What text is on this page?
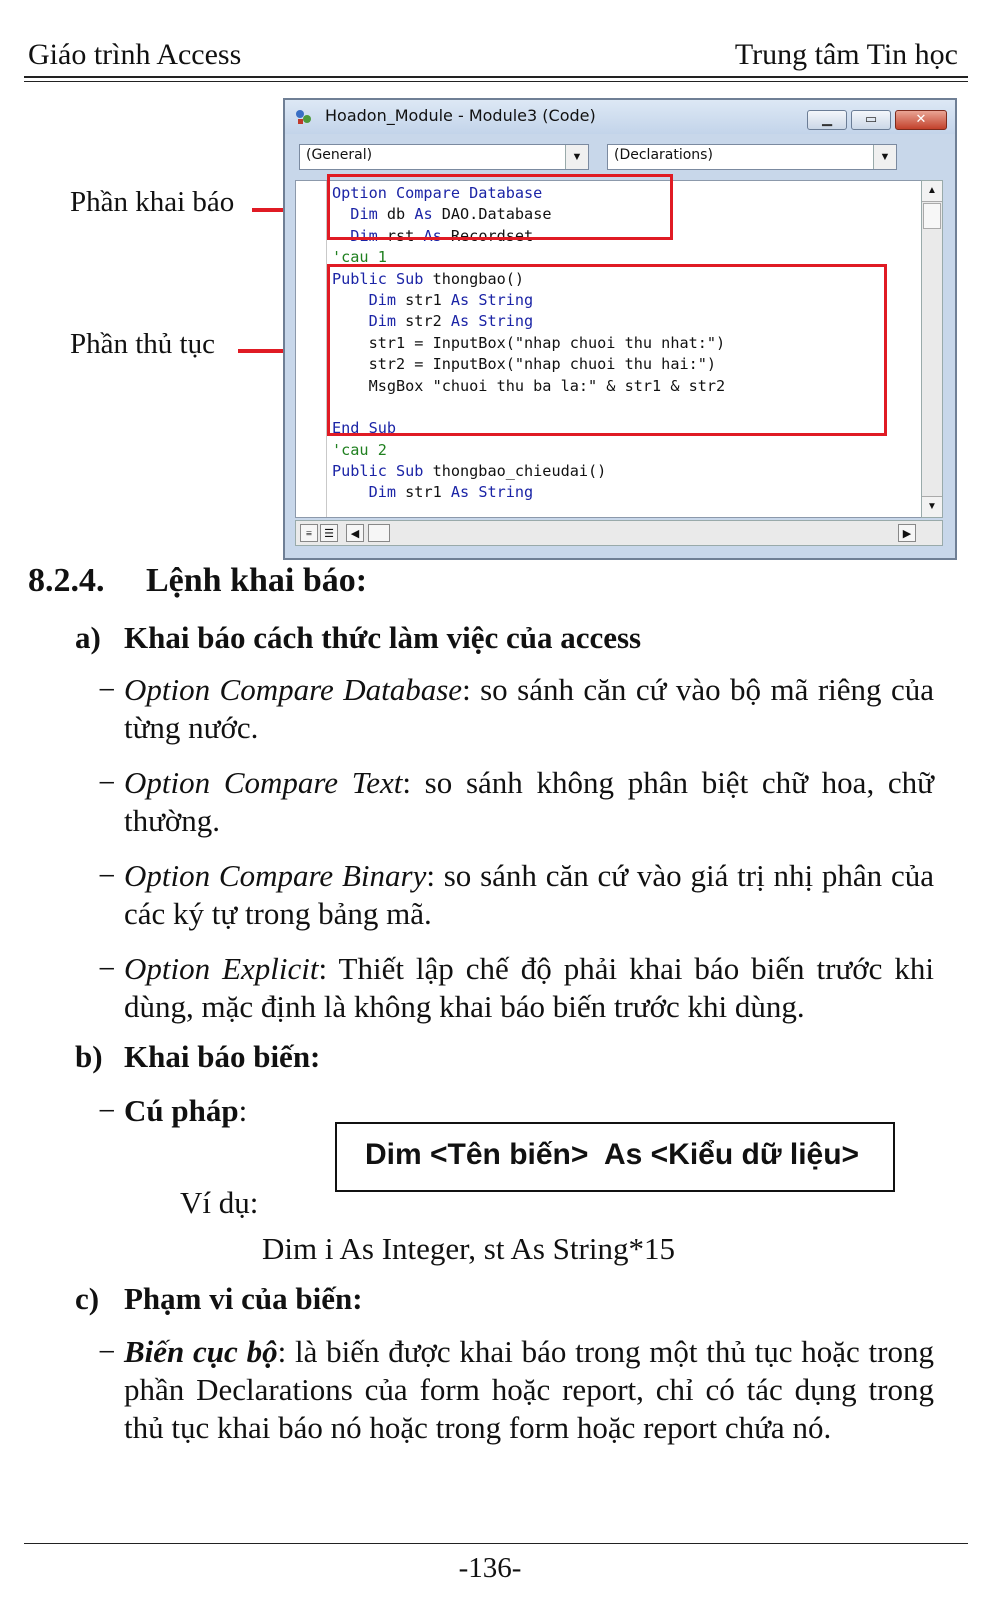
Giáo trình Access	Trung tâm Tin học
Phần khai báo
Phần thủ tục
Hoadon_Module - Module3 (Code)	▁	▭	✕
(General)	▼	(Declarations)	▼
Option Compare Database
Dim db As DAO.Database
Dim rst As Recordset
'cau 1
Public Sub thongbao()
Dim str1 As String
Dim str2 As String
str1 = InputBox("nhap chuoi thu nhat:")
str2 = InputBox("nhap chuoi thu hai:")
MsgBox "chuoi thu ba la:" & str1 & str2
End Sub
'cau 2
Public Sub thongbao_chieudai()
Dim str1 As String
▲
▼
≡	☰	◀	▶
8.2.4. Lệnh khai báo:
a) Khai báo cách thức làm việc của access
− Option Compare Database: so sánh căn cứ vào bộ mã riêng của từng nước.
− Option Compare Text: so sánh không phân biệt chữ hoa, chữ thường.
− Option Compare Binary: so sánh căn cứ vào giá trị nhị phân của các ký tự trong bảng mã.
− Option Explicit: Thiết lập chế độ phải khai báo biến trước khi dùng, mặc định là không khai báo biến trước khi dùng.
b) Khai báo biến:
− Cú pháp:
Dim <Tên biến>  As <Kiểu dữ liệu>
Ví dụ:
Dim i As Integer, st As String*15
c) Phạm vi của biến:
− Biến cục bộ: là biến được khai báo trong một thủ tục hoặc trong phần Declarations của form hoặc report, chỉ có tác dụng trong thủ tục khai báo nó hoặc trong form hoặc report chứa nó.
-136-
